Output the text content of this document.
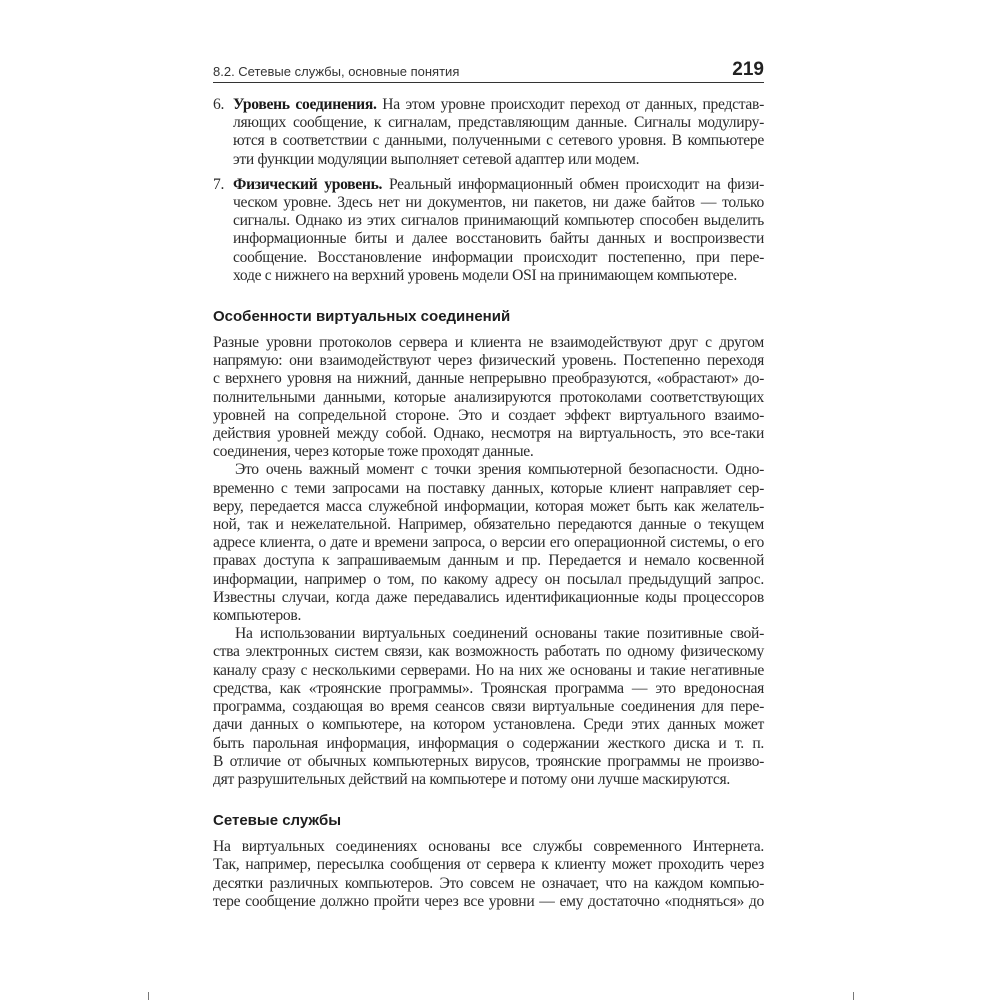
8.2. Сетевые службы, основные понятия	219
6. Уровень соединения. На этом уровне происходит переход от данных, представ-
ляющих сообщение, к сигналам, представляющим данные. Сигналы модулиру-
ются в соответствии с данными, полученными с сетевого уровня. В компьютере
эти функции модуляции выполняет сетевой адаптер или модем.
7. Физический уровень. Реальный информационный обмен происходит на физи-
ческом уровне. Здесь нет ни документов, ни пакетов, ни даже байтов — только
сигналы. Однако из этих сигналов принимающий компьютер способен выделить
информационные биты и далее восстановить байты данных и воспроизвести
сообщение. Восстановление информации происходит постепенно, при пере-
ходе с нижнего на верхний уровень модели OSI на принимающем компьютере.
Особенности виртуальных соединений
Разные уровни протоколов сервера и клиента не взаимодействуют друг с другом
напрямую: они взаимодействуют через физический уровень. Постепенно переходя
с верхнего уровня на нижний, данные непрерывно преобразуются, «обрастают» до-
полнительными данными, которые анализируются протоколами соответствующих
уровней на сопредельной стороне. Это и создает эффект виртуального взаимо-
действия уровней между собой. Однако, несмотря на виртуальность, это все-таки
соединения, через которые тоже проходят данные.
Это очень важный момент с точки зрения компьютерной безопасности. Одно-
временно с теми запросами на поставку данных, которые клиент направляет сер-
веру, передается масса служебной информации, которая может быть как желатель-
ной, так и нежелательной. Например, обязательно передаются данные о текущем
адресе клиента, о дате и времени запроса, о версии его операционной системы, о его
правах доступа к запрашиваемым данным и пр. Передается и немало косвенной
информации, например о том, по какому адресу он посылал предыдущий запрос.
Известны случаи, когда даже передавались идентификационные коды процессоров
компьютеров.
На использовании виртуальных соединений основаны такие позитивные свой-
ства электронных систем связи, как возможность работать по одному физическому
каналу сразу с несколькими серверами. Но на них же основаны и такие негативные
средства, как «троянские программы». Троянская программа — это вредоносная
программа, создающая во время сеансов связи виртуальные соединения для пере-
дачи данных о компьютере, на котором установлена. Среди этих данных может
быть парольная информация, информация о содержании жесткого диска и т. п.
В отличие от обычных компьютерных вирусов, троянские программы не произво-
дят разрушительных действий на компьютере и потому они лучше маскируются.
Сетевые службы
На виртуальных соединениях основаны все службы современного Интернета.
Так, например, пересылка сообщения от сервера к клиенту может проходить через
десятки различных компьютеров. Это совсем не означает, что на каждом компью-
тере сообщение должно пройти через все уровни — ему достаточно «подняться» до
